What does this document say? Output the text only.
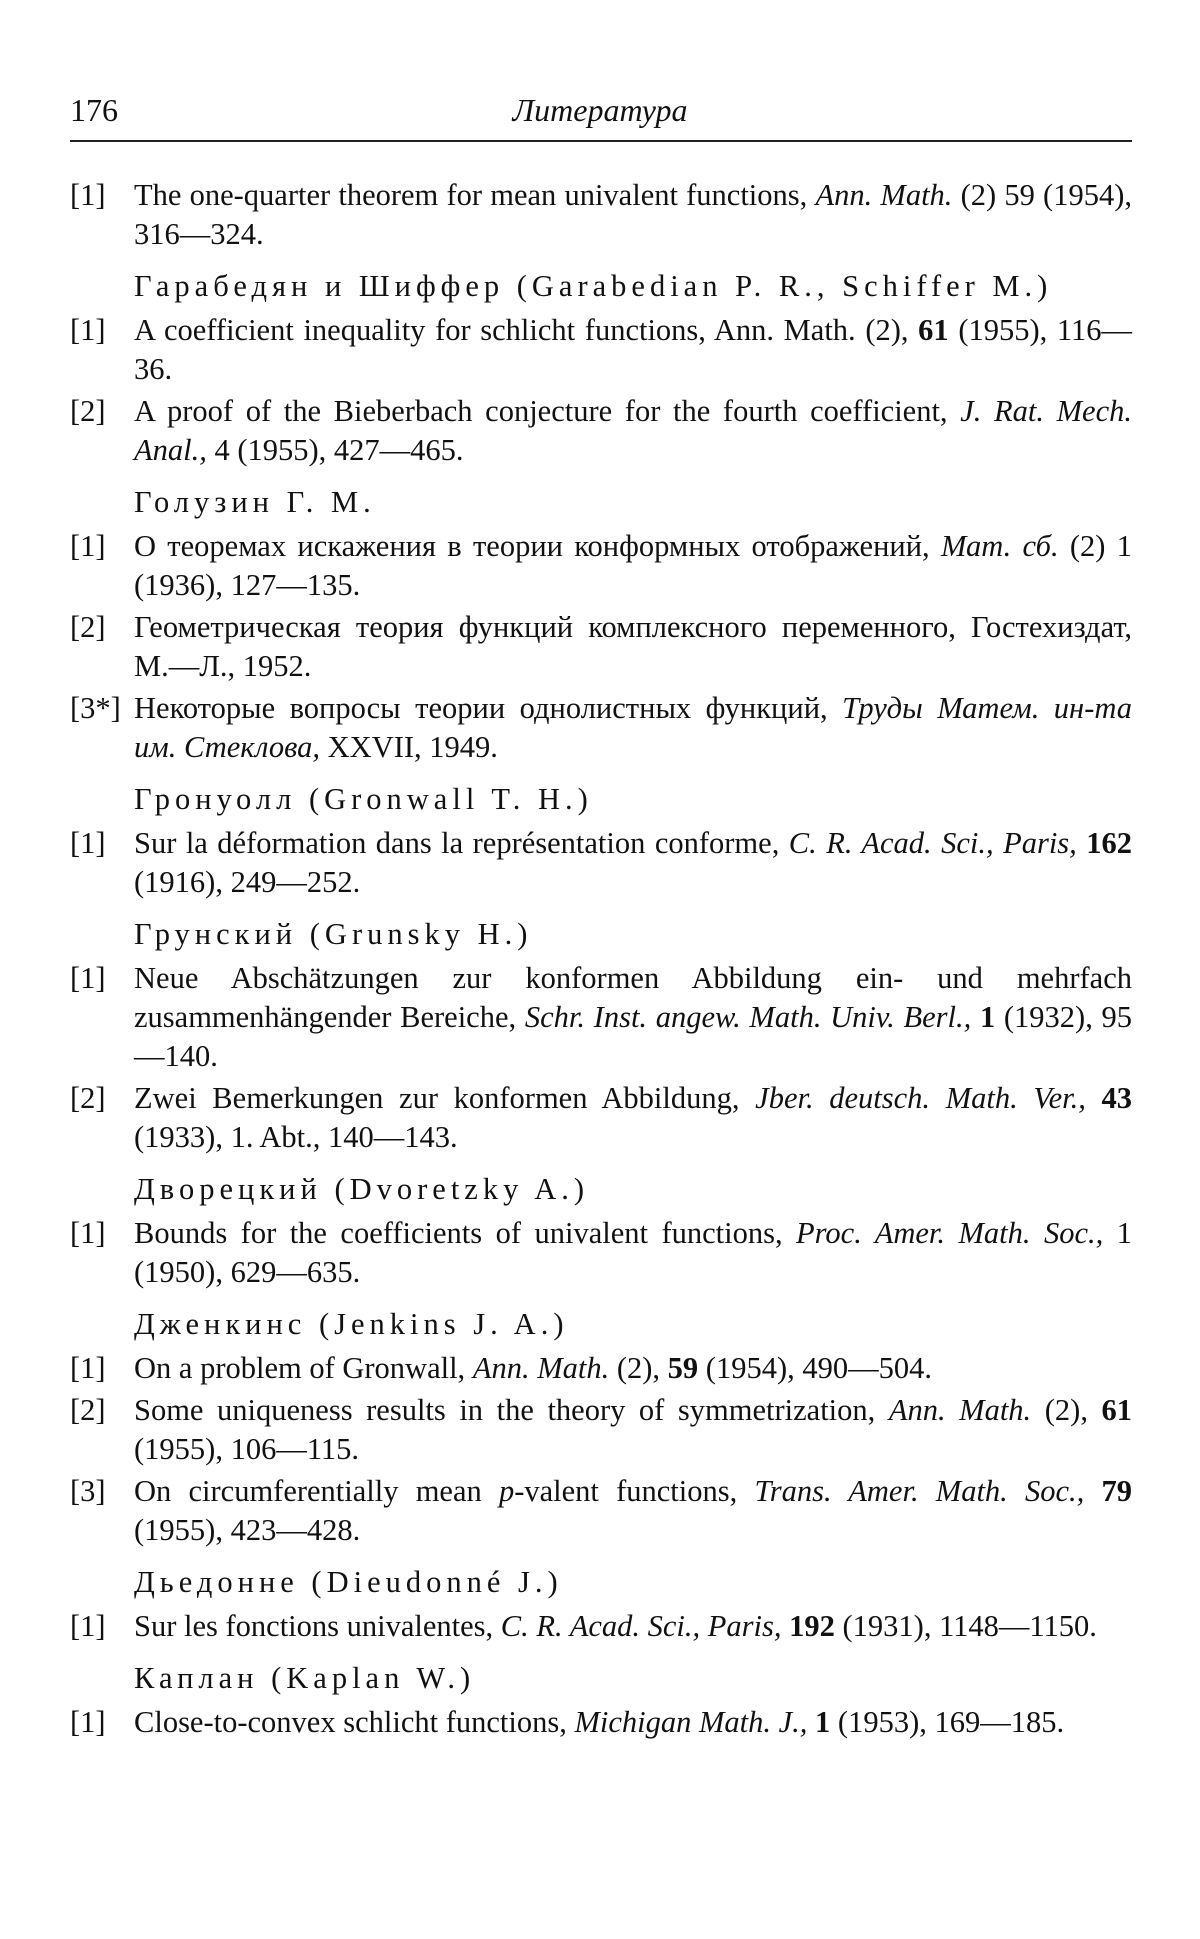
176	Литература
[1] The one-quarter theorem for mean univalent functions, Ann. Math. (2) 59 (1954), 316—324.
Гарабедян и Шиффер (Garabedian P. R., Schiffer M.)
[1] A coefficient inequality for schlicht functions, Ann. Math. (2), 61 (1955), 116—36.
[2] A proof of the Bieberbach conjecture for the fourth coefficient, J. Rat. Mech. Anal., 4 (1955), 427—465.
Голузин Г. М.
[1] О теоремах искажения в теории конформных отображений, Мат. сб. (2) 1 (1936), 127—135.
[2] Геометрическая теория функций комплексного переменного, Гостехиздат, М.—Л., 1952.
[3*] Некоторые вопросы теории однолистных функций, Труды Матем. ин-та им. Стеклова, XXVII, 1949.
Гронуолл (Gronwall T. H.)
[1] Sur la déformation dans la représentation conforme, C. R. Acad. Sci., Paris, 162 (1916), 249—252.
Грунский (Grunsky H.)
[1] Neue Abschätzungen zur konformen Abbildung ein- und mehrfach zusammenhängender Bereiche, Schr. Inst. angew. Math. Univ. Berl., 1 (1932), 95—140.
[2] Zwei Bemerkungen zur konformen Abbildung, Jber. deutsch. Math. Ver., 43 (1933), 1. Abt., 140—143.
Дворецкий (Dvoretzky A.)
[1] Bounds for the coefficients of univalent functions, Proc. Amer. Math. Soc., 1 (1950), 629—635.
Дженкинс (Jenkins J. A.)
[1] On a problem of Gronwall, Ann. Math. (2), 59 (1954), 490—504.
[2] Some uniqueness results in the theory of symmetrization, Ann. Math. (2), 61 (1955), 106—115.
[3] On circumferentially mean p-valent functions, Trans. Amer. Math. Soc., 79 (1955), 423—428.
Дьедонне (Dieudonné J.)
[1] Sur les fonctions univalentes, C. R. Acad. Sci., Paris, 192 (1931), 1148—1150.
Каплан (Kaplan W.)
[1] Close-to-convex schlicht functions, Michigan Math. J., 1 (1953), 169—185.
